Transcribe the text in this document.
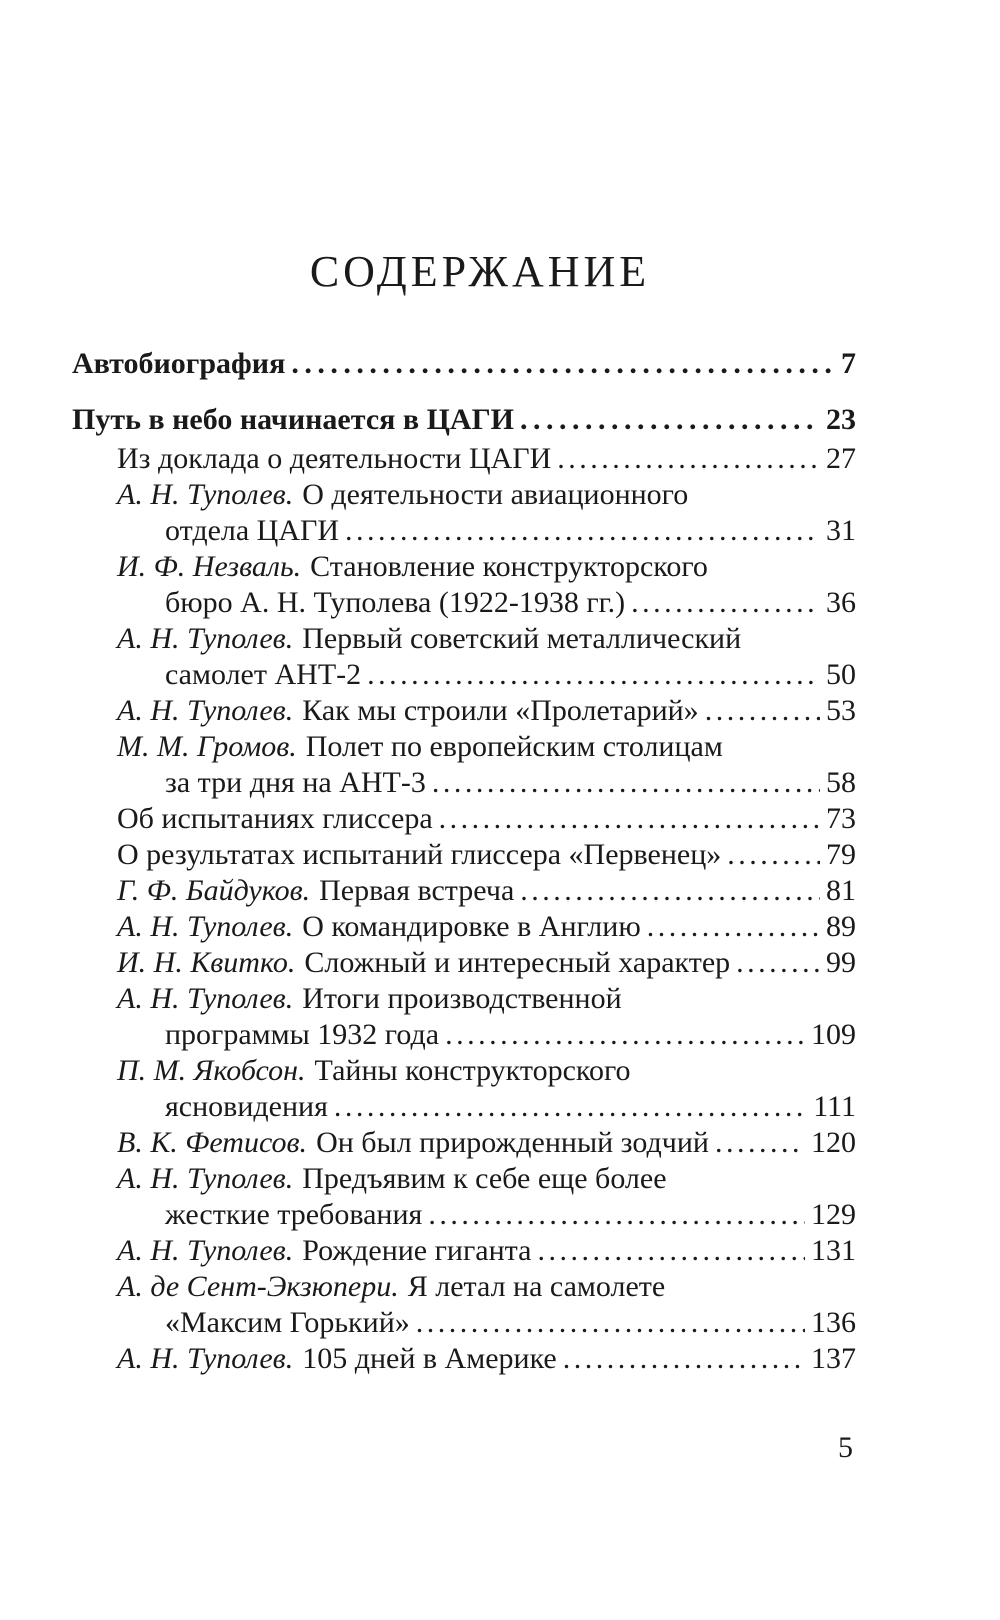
СОДЕРЖАНИЕ
Автобиография . . .	7
Путь в небо начинается в ЦАГИ . . .	23
Из доклада о деятельности ЦАГИ . . .	27
А. Н. Туполев. О деятельности авиационного
отдела ЦАГИ . . .	31
И. Ф. Незваль. Становление конструкторского
бюро А. Н. Туполева (1922-1938 гг.) . . .	36
А. Н. Туполев. Первый советский металлический
самолет АНТ-2 . . .	50
А. Н. Туполев. Как мы строили «Пролетарий» . . .	53
М. М. Громов. Полет по европейским столицам
за три дня на АНТ-3 . . .	58
Об испытаниях глиссера . . .	73
О результатах испытаний глиссера «Первенец» . . .	79
Г. Ф. Байдуков. Первая встреча . . .	81
А. Н. Туполев. О командировке в Англию . . .	89
И. Н. Квитко. Сложный и интересный характер . . .	99
А. Н. Туполев. Итоги производственной
программы 1932 года . . .	109
П. М. Якобсон. Тайны конструкторского
ясновидения . . .	111
В. К. Фетисов. Он был прирожденный зодчий . . .	120
А. Н. Туполев. Предъявим к себе еще более
жесткие требования . . .	129
А. Н. Туполев. Рождение гиганта . . .	131
А. де Сент-Экзюпери. Я летал на самолете
«Максим Горький» . . .	136
А. Н. Туполев. 105 дней в Америке . . .	137
5
